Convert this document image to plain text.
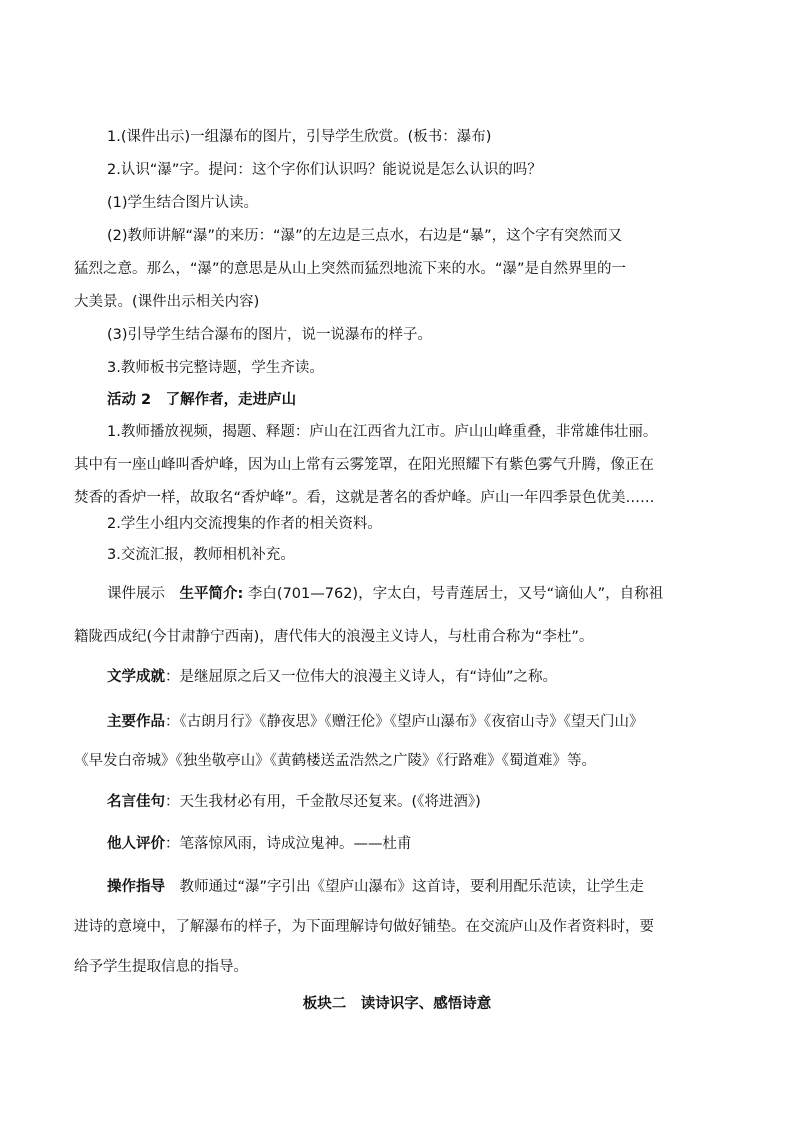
1.(课件出示)一组瀑布的图片，引导学生欣赏。(板书：瀑布)
2.认识“瀑”字。提问：这个字你们认识吗？能说说是怎么认识的吗？
(1)学生结合图片认读。
(2)教师讲解“瀑”的来历：“瀑”的左边是三点水，右边是“暴”，这个字有突然而又
猛烈之意。那么，“瀑”的意思是从山上突然而猛烈地流下来的水。“瀑”是自然界里的一
大美景。(课件出示相关内容)
(3)引导学生结合瀑布的图片，说一说瀑布的样子。
3.教师板书完整诗题，学生齐读。
活动 2　了解作者，走进庐山
1.教师播放视频，揭题、释题：庐山在江西省九江市。庐山山峰重叠，非常雄伟壮丽。
其中有一座山峰叫香炉峰，因为山上常有云雾笼罩，在阳光照耀下有紫色雾气升腾，像正在
焚香的香炉一样，故取名“香炉峰”。看，这就是著名的香炉峰。庐山一年四季景色优美……
2.学生小组内交流搜集的作者的相关资料。
3.交流汇报，教师相机补充。
课件展示　生平简介: 李白(701—762)，字太白，号青莲居士，又号“谪仙人”，自称祖
籍陇西成纪(今甘肃静宁西南)，唐代伟大的浪漫主义诗人，与杜甫合称为“李杜”。
文学成就：是继屈原之后又一位伟大的浪漫主义诗人，有“诗仙”之称。
主要作品：《古朗月行》《静夜思》《赠汪伦》《望庐山瀑布》《夜宿山寺》《望天门山》
《早发白帝城》《独坐敬亭山》《黄鹤楼送孟浩然之广陵》《行路难》《蜀道难》等。
名言佳句：天生我材必有用，千金散尽还复来。(《将进酒》)
他人评价：笔落惊风雨，诗成泣鬼神。——杜甫
操作指导　教师通过“瀑”字引出《望庐山瀑布》这首诗，要利用配乐范读，让学生走
进诗的意境中，了解瀑布的样子，为下面理解诗句做好铺垫。在交流庐山及作者资料时，要
给予学生提取信息的指导。
板块二　读诗识字、感悟诗意
